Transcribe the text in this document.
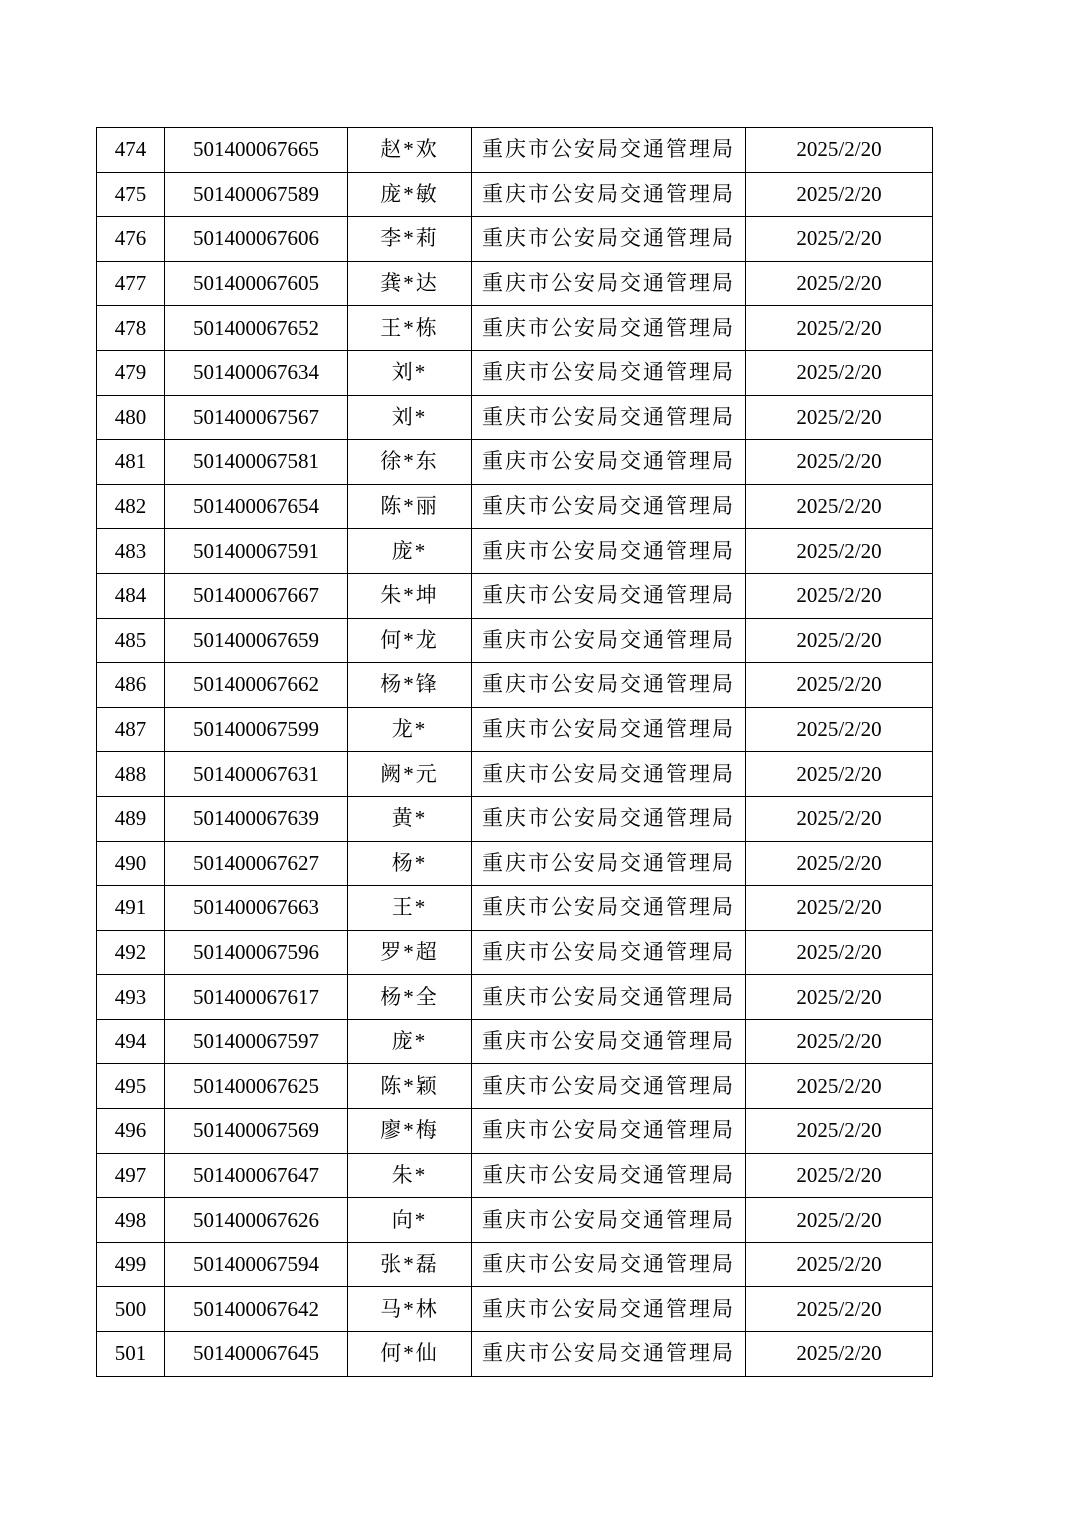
474	501400067665	赵*欢	重庆市公安局交通管理局	2025/2/20
475	501400067589	庞*敏	重庆市公安局交通管理局	2025/2/20
476	501400067606	李*莉	重庆市公安局交通管理局	2025/2/20
477	501400067605	龚*达	重庆市公安局交通管理局	2025/2/20
478	501400067652	王*栋	重庆市公安局交通管理局	2025/2/20
479	501400067634	刘*	重庆市公安局交通管理局	2025/2/20
480	501400067567	刘*	重庆市公安局交通管理局	2025/2/20
481	501400067581	徐*东	重庆市公安局交通管理局	2025/2/20
482	501400067654	陈*丽	重庆市公安局交通管理局	2025/2/20
483	501400067591	庞*	重庆市公安局交通管理局	2025/2/20
484	501400067667	朱*坤	重庆市公安局交通管理局	2025/2/20
485	501400067659	何*龙	重庆市公安局交通管理局	2025/2/20
486	501400067662	杨*锋	重庆市公安局交通管理局	2025/2/20
487	501400067599	龙*	重庆市公安局交通管理局	2025/2/20
488	501400067631	阙*元	重庆市公安局交通管理局	2025/2/20
489	501400067639	黄*	重庆市公安局交通管理局	2025/2/20
490	501400067627	杨*	重庆市公安局交通管理局	2025/2/20
491	501400067663	王*	重庆市公安局交通管理局	2025/2/20
492	501400067596	罗*超	重庆市公安局交通管理局	2025/2/20
493	501400067617	杨*全	重庆市公安局交通管理局	2025/2/20
494	501400067597	庞*	重庆市公安局交通管理局	2025/2/20
495	501400067625	陈*颖	重庆市公安局交通管理局	2025/2/20
496	501400067569	廖*梅	重庆市公安局交通管理局	2025/2/20
497	501400067647	朱*	重庆市公安局交通管理局	2025/2/20
498	501400067626	向*	重庆市公安局交通管理局	2025/2/20
499	501400067594	张*磊	重庆市公安局交通管理局	2025/2/20
500	501400067642	马*林	重庆市公安局交通管理局	2025/2/20
501	501400067645	何*仙	重庆市公安局交通管理局	2025/2/20
